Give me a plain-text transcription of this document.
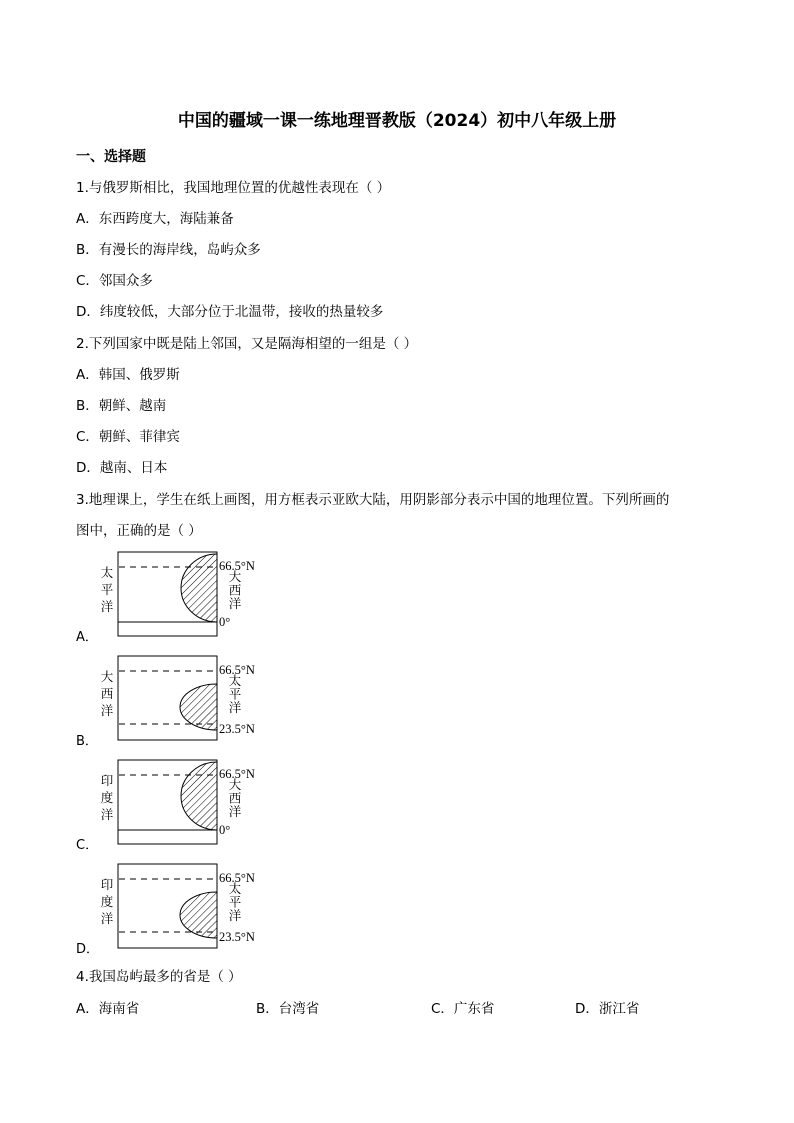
中国的疆域一课一练地理晋教版（2024）初中八年级上册
一、选择题
1.与俄罗斯相比，我国地理位置的优越性表现在（ ）
A．东西跨度大，海陆兼备
B．有漫长的海岸线，岛屿众多
C．邻国众多
D．纬度较低，大部分位于北温带，接收的热量较多
2.下列国家中既是陆上邻国，又是隔海相望的一组是（ ）
A．韩国、俄罗斯
B．朝鲜、越南
C．朝鲜、菲律宾
D．越南、日本
3.地理课上，学生在纸上画图，用方框表示亚欧大陆，用阴影部分表示中国的地理位置。下列所画的
图中，正确的是（ ）
太
平
洋
大
西
洋
66.5°N
0°
A．
大
西
洋
太
平
洋
66.5°N
23.5°N
B．
印
度
洋
大
西
洋
66.5°N
0°
C．
印
度
洋
太
平
洋
66.5°N
23.5°N
D．
4.我国岛屿最多的省是（ ）
A．海南省	B．台湾省	C．广东省	D．浙江省
